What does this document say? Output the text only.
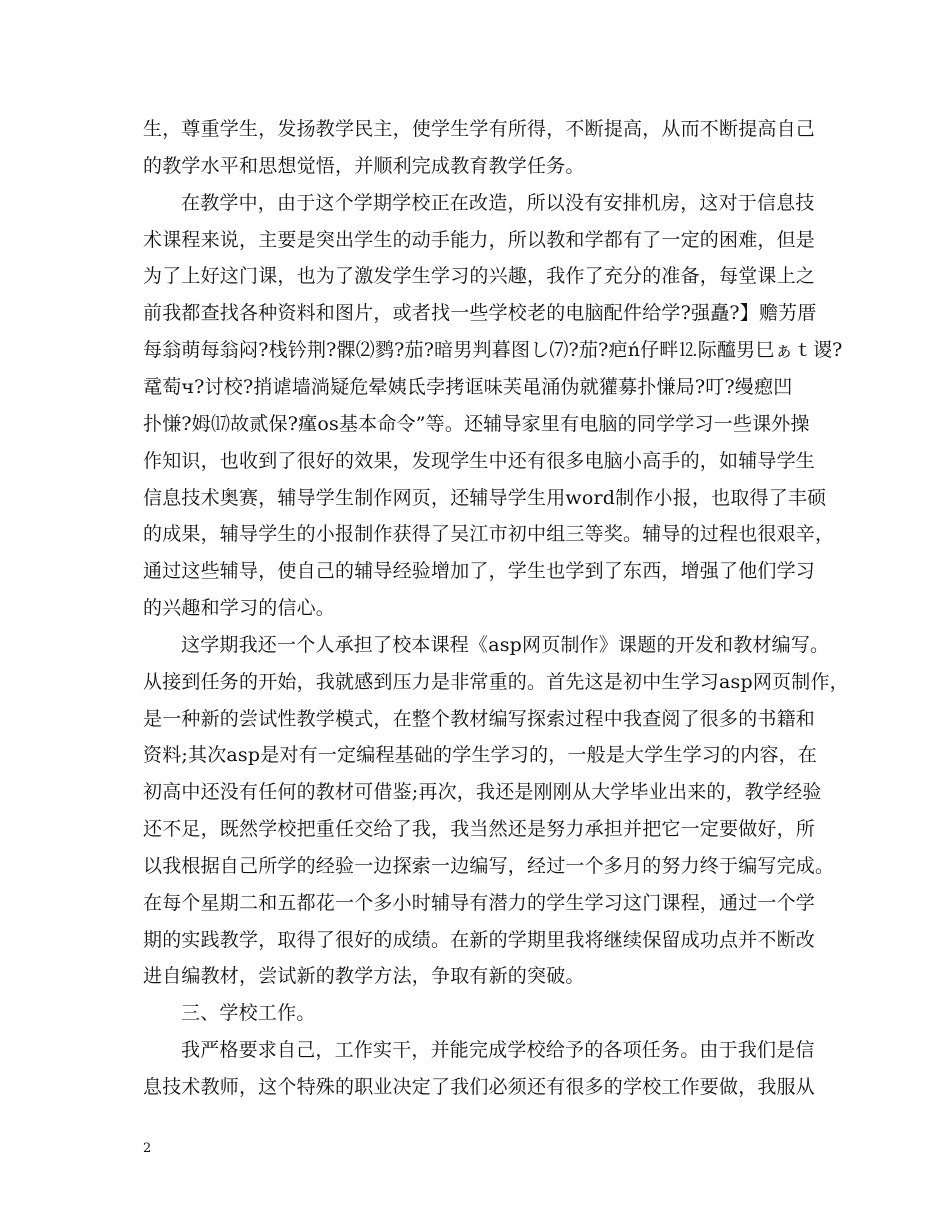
生，尊重学生，发扬教学民主，使学生学有所得，不断提高，从而不断提高自己
的教学水平和思想觉悟，并顺利完成教育教学任务。
在教学中，由于这个学期学校正在改造，所以没有安排机房，这对于信息技
术课程来说，主要是突出学生的动手能力，所以教和学都有了一定的困难，但是
为了上好这门课，也为了激发学生学习的兴趣，我作了充分的准备，每堂课上之
前我都查找各种资料和图片，或者找一些学校老的电脑配件给学?强矗?】赡艻厝
每翁萌每翁闷?栈钤荆?髁⑵鹨?茄?暗男判暮图し⑺?茄?疤ń仔畔⒓际醯男巳ぁｔ谡?
鼋萄ч?讨校?捎谑墙淌疑危晕姨氐孛拷诓味芙黾涌伪就獾募扑慊局?叮?缦瘛凹
扑慊?姆⒄故贰保?瘽os基本命令”等。还辅导家里有电脑的同学学习一些课外操
作知识，也收到了很好的效果，发现学生中还有很多电脑小高手的，如辅导学生
信息技术奥赛，辅导学生制作网页，还辅导学生用word制作小报，也取得了丰硕
的成果，辅导学生的小报制作获得了吴江市初中组三等奖。辅导的过程也很艰辛，
通过这些辅导，使自己的辅导经验增加了，学生也学到了东西，增强了他们学习
的兴趣和学习的信心。
这学期我还一个人承担了校本课程《asp网页制作》课题的开发和教材编写。
从接到任务的开始，我就感到压力是非常重的。首先这是初中生学习asp网页制作，
是一种新的尝试性教学模式，在整个教材编写探索过程中我查阅了很多的书籍和
资料;其次asp是对有一定编程基础的学生学习的，一般是大学生学习的内容，在
初高中还没有任何的教材可借鉴;再次，我还是刚刚从大学毕业出来的，教学经验
还不足，既然学校把重任交给了我，我当然还是努力承担并把它一定要做好，所
以我根据自己所学的经验一边探索一边编写，经过一个多月的努力终于编写完成。
在每个星期二和五都花一个多小时辅导有潜力的学生学习这门课程，通过一个学
期的实践教学，取得了很好的成绩。在新的学期里我将继续保留成功点并不断改
进自编教材，尝试新的教学方法，争取有新的突破。
三、学校工作。
我严格要求自己，工作实干，并能完成学校给予的各项任务。由于我们是信
息技术教师，这个特殊的职业决定了我们必须还有很多的学校工作要做，我服从
2
